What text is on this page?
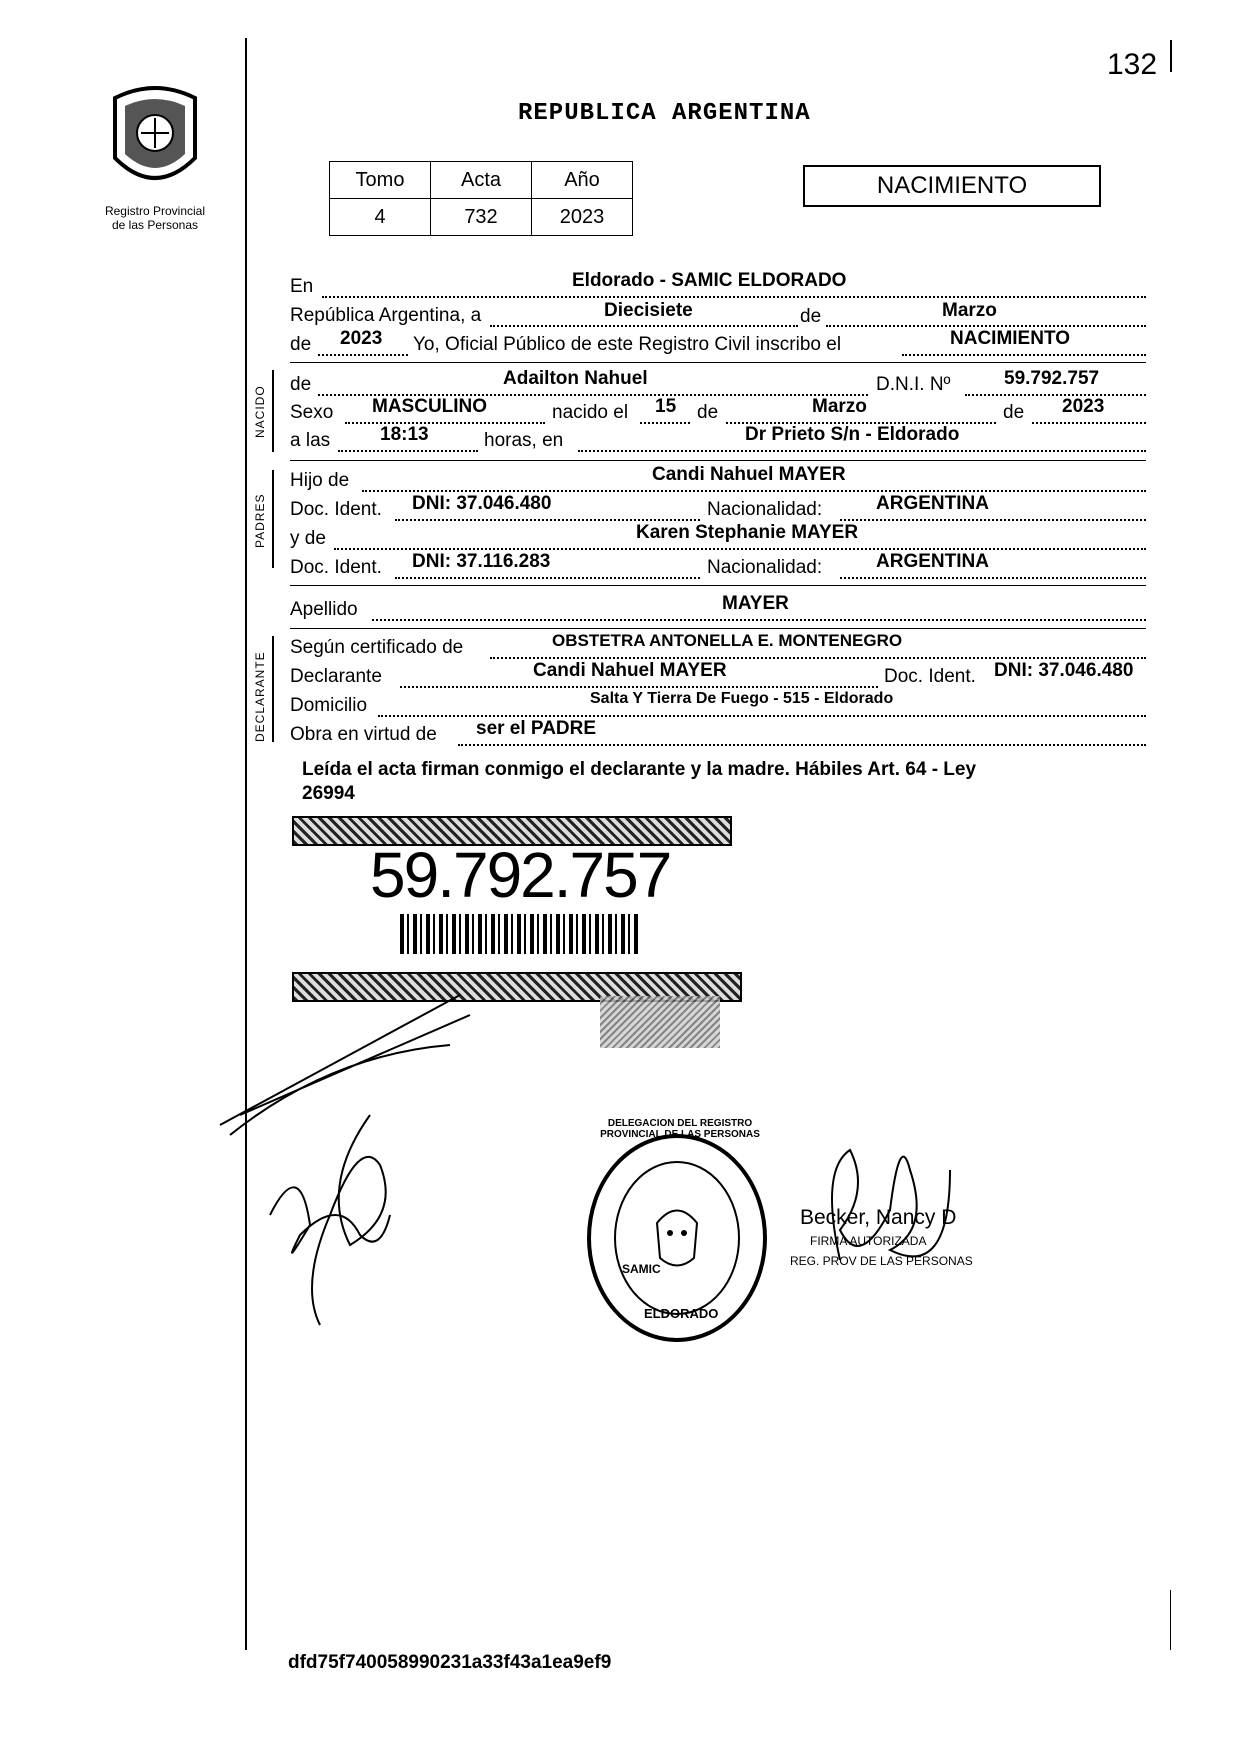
132
Registro Provincial
de las Personas
REPUBLICA ARGENTINA
Tomo	Acta	Año
4	732	2023
NACIMIENTO
NACIDO
PADRES
DECLARANTE
En	Eldorado - SAMIC ELDORADO
República Argentina, a	Diecisiete	de	Marzo
de 2023 Yo, Oficial Público de este Registro Civil inscribo el	NACIMIENTO
de	Adailton Nahuel	D.N.I. Nº	59.792.757
Sexo MASCULINO	nacido el 15 de	Marzo	de 2023
a las	18:13	horas, en	Dr Prieto S/n - Eldorado
Hijo de	Candi Nahuel MAYER
Doc. Ident. DNI: 37.046.480	Nacionalidad:	ARGENTINA
y de	Karen Stephanie MAYER
Doc. Ident. DNI: 37.116.283	Nacionalidad:	ARGENTINA
Apellido	MAYER
Según certificado de	OBSTETRA ANTONELLA E. MONTENEGRO
Declarante	Candi Nahuel MAYER	Doc. Ident. DNI: 37.046.480
Domicilio	Salta Y Tierra De Fuego - 515 - Eldorado
Obra en virtud de ser el PADRE
Leída el acta firman conmigo el declarante y la madre. Hábiles Art. 64 - Ley
26994
59.792.757
DELEGACION DEL REGISTRO PROVINCIAL DE LAS PERSONAS
SAMIC
ELDORADO
Becker, Nancy D
FIRMA AUTORIZADA
REG. PROV DE LAS PERSONAS
dfd75f740058990231a33f43a1ea9ef9
